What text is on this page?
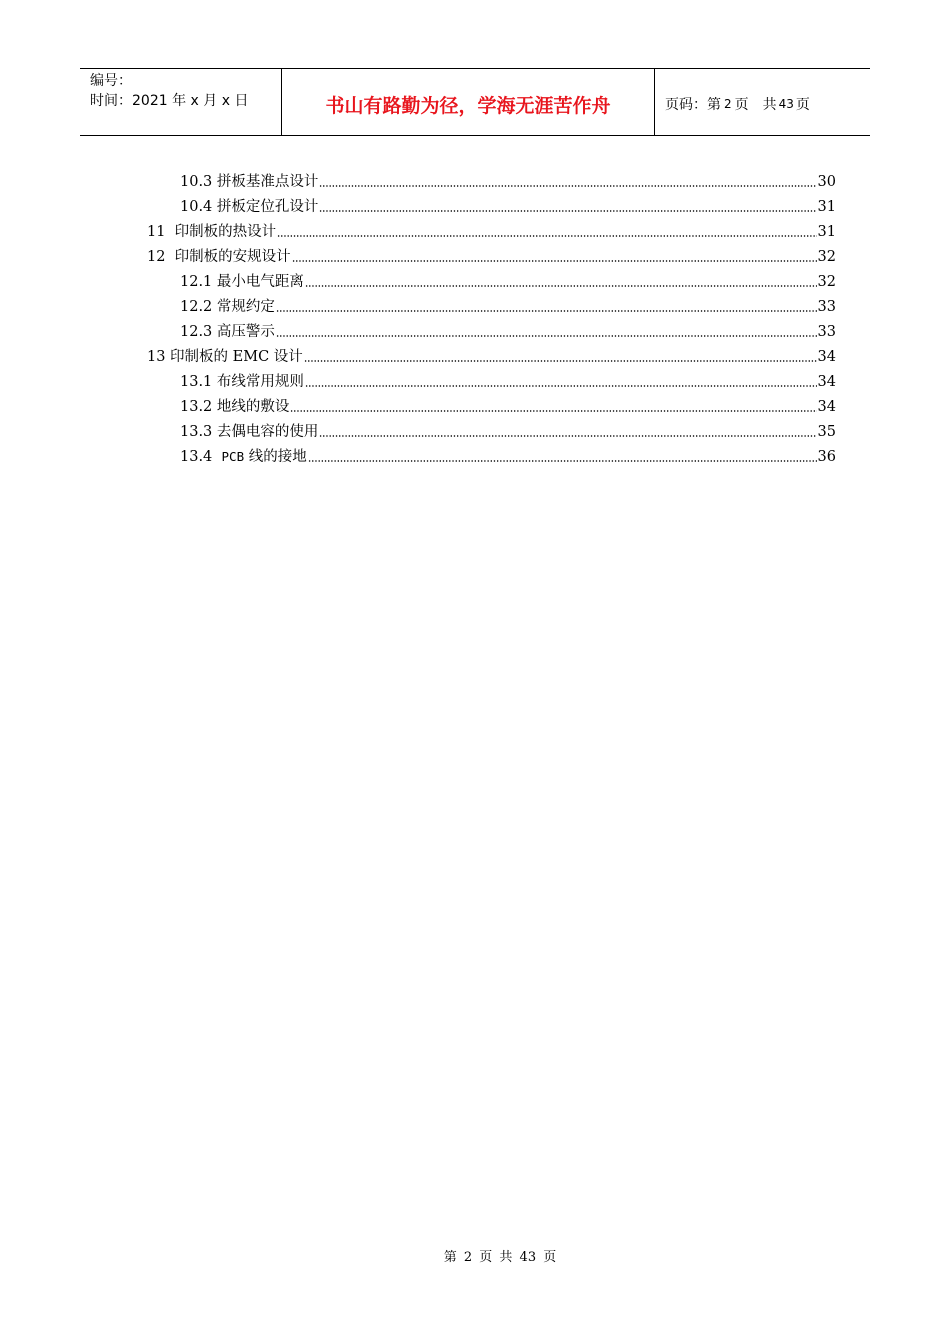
编号：
时间：2021 年 x 月 x 日	书山有路勤为径，学海无涯苦作舟	页码：第 2 页　共 43 页
10.3 拼板基准点设计	30
10.4 拼板定位孔设计	31
11  印制板的热设计	31
12  印制板的安规设计	32
12.1 最小电气距离	32
12.2 常规约定	33
12.3 高压警示	33
13 印制板的 EMC 设计	34
13.1 布线常用规则	34
13.2 地线的敷设	34
13.3 去偶电容的使用	35
13.4  PCB 线的接地	36
第 2 页 共 43 页
